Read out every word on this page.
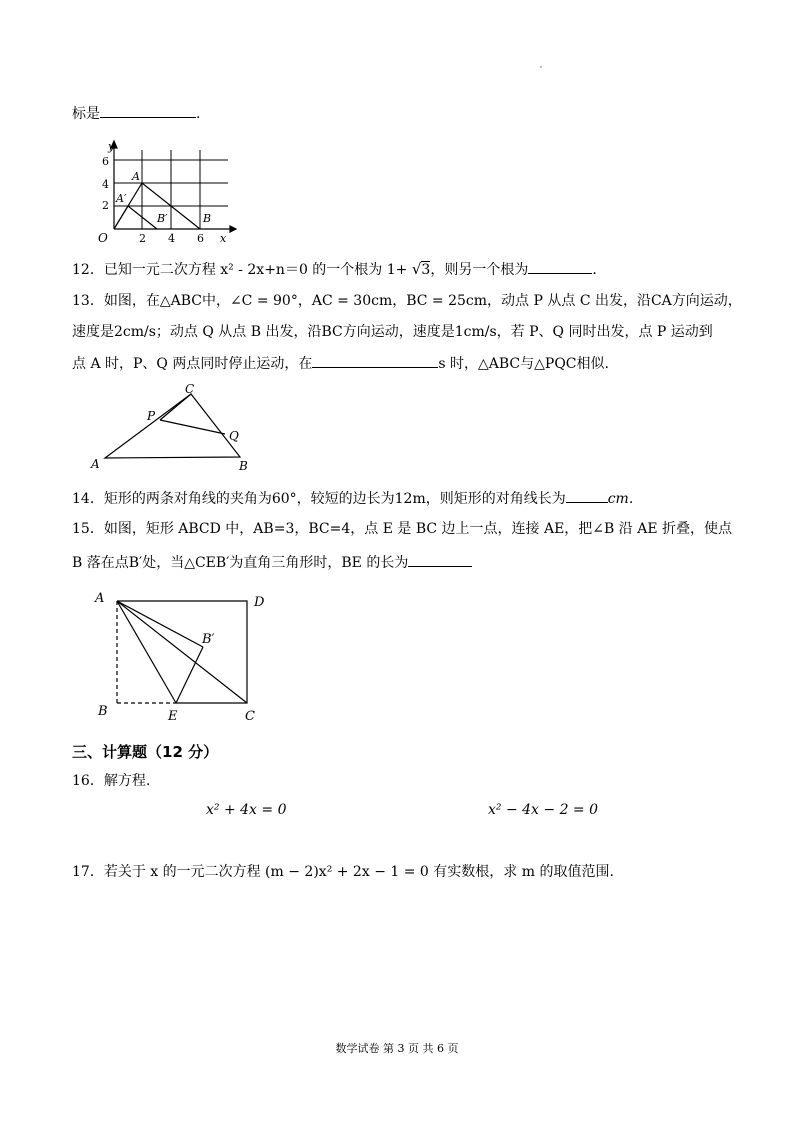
标是	.
y
x
O
6
4
2
2 4 6
A
A′
B′	B
12．已知一元二次方程 x² - 2x+n＝0 的一个根为 1+ √3，则另一个根为	.
13．如图，在△ABC中，∠C = 90°，AC = 30cm，BC = 25cm，动点 P 从点 C 出发，沿CA方向运动，
速度是2cm/s；动点 Q 从点 B 出发，沿BC方向运动，速度是1cm/s，若 P、Q 同时出发，点 P 运动到
点 A 时，P、Q 两点同时停止运动，在	s 时，△ABC与△PQC相似.
C
P
Q
A	B
14．矩形的两条对角线的夹角为60°，较短的边长为12m，则矩形的对角线长为	cm.
15．如图，矩形 ABCD 中，AB=3，BC=4，点 E 是 BC 边上一点，连接 AE，把∠B 沿 AE 折叠，使点
B 落在点B′处，当△CEB′为直角三角形时，BE 的长为
A	D
B′
B	E	C
三、计算题（12 分）
16．解方程.
x² + 4x = 0	x² − 4x − 2 = 0
17．若关于 x 的一元二次方程 (m − 2)x² + 2x − 1 = 0 有实数根，求 m 的取值范围.
数学试卷 第 3 页 共 6 页
